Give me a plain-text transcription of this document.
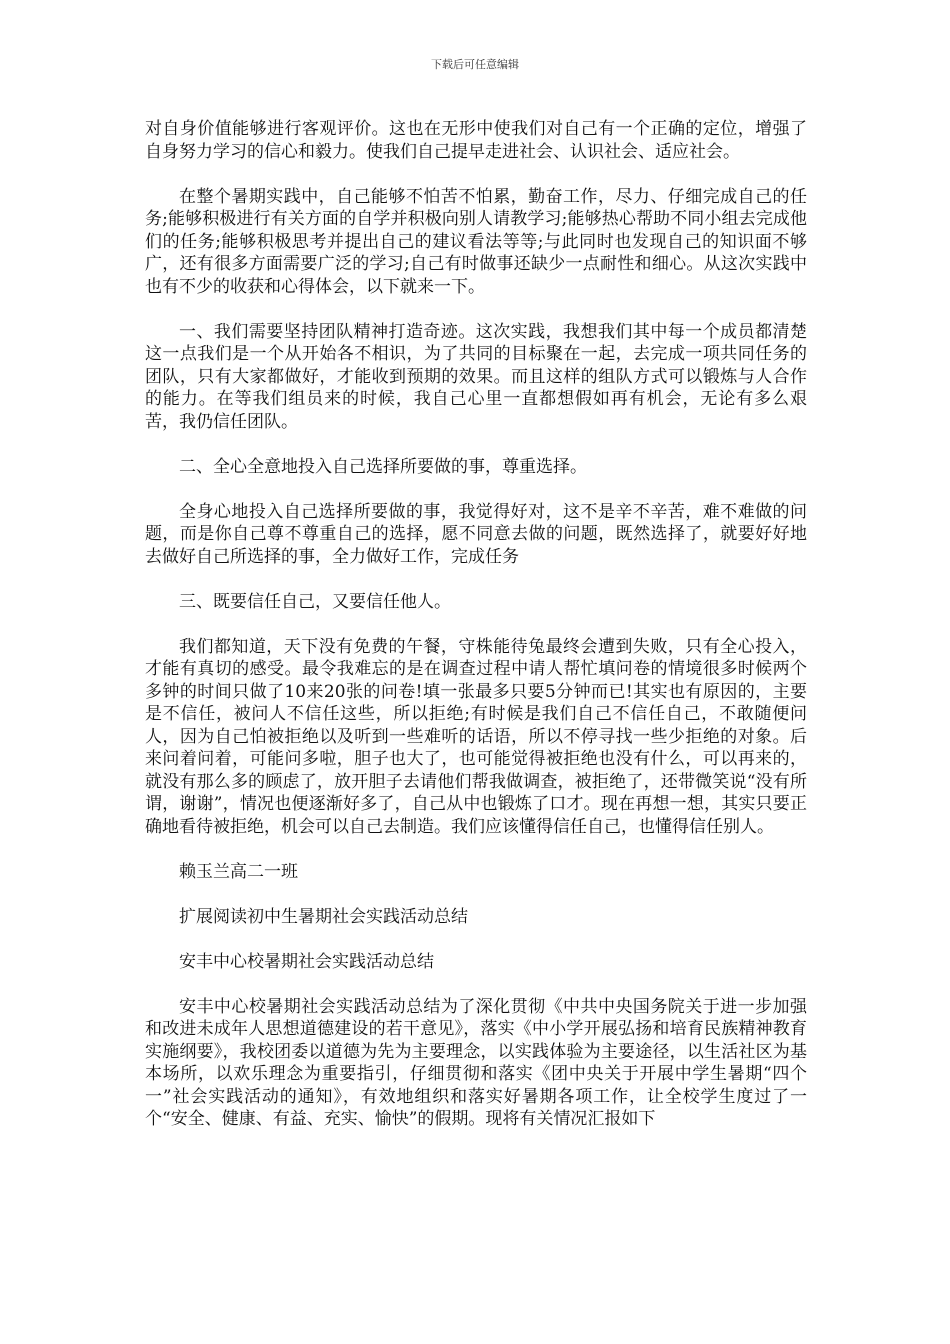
下载后可任意编辑

对自身价值能够进行客观评价。这也在无形中使我们对自己有一个正确的定位，增强了自身努力学习的信心和毅力。使我们自己提早走进社会、认识社会、适应社会。

在整个暑期实践中，自己能够不怕苦不怕累，勤奋工作，尽力、仔细完成自己的任务;能够积极进行有关方面的自学并积极向别人请教学习;能够热心帮助不同小组去完成他们的任务;能够积极思考并提出自己的建议看法等等;与此同时也发现自己的知识面不够广，还有很多方面需要广泛的学习;自己有时做事还缺少一点耐性和细心。从这次实践中也有不少的收获和心得体会，以下就来一下。

一、我们需要坚持团队精神打造奇迹。这次实践，我想我们其中每一个成员都清楚这一点我们是一个从开始各不相识，为了共同的目标聚在一起，去完成一项共同任务的团队，只有大家都做好，才能收到预期的效果。而且这样的组队方式可以锻炼与人合作的能力。在等我们组员来的时候，我自己心里一直都想假如再有机会，无论有多么艰苦，我仍信任团队。

二、全心全意地投入自己选择所要做的事，尊重选择。

全身心地投入自己选择所要做的事，我觉得好对，这不是辛不辛苦，难不难做的问题，而是你自己尊不尊重自己的选择，愿不同意去做的问题，既然选择了，就要好好地去做好自己所选择的事，全力做好工作，完成任务

三、既要信任自己，又要信任他人。

我们都知道，天下没有免费的午餐，守株能待兔最终会遭到失败，只有全心投入，才能有真切的感受。最令我难忘的是在调查过程中请人帮忙填问卷的情境很多时候两个多钟的时间只做了10来20张的问卷!填一张最多只要5分钟而已!其实也有原因的，主要是不信任，被问人不信任这些，所以拒绝;有时候是我们自己不信任自己，不敢随便问人，因为自己怕被拒绝以及听到一些难听的话语，所以不停寻找一些少拒绝的对象。后来问着问着，可能问多啦，胆子也大了，也可能觉得被拒绝也没有什么，可以再来的，就没有那么多的顾虑了，放开胆子去请他们帮我做调查，被拒绝了，还带微笑说“没有所谓，谢谢”，情况也便逐渐好多了，自己从中也锻炼了口才。现在再想一想，其实只要正确地看待被拒绝，机会可以自己去制造。我们应该懂得信任自己，也懂得信任别人。

赖玉兰高二一班

扩展阅读初中生暑期社会实践活动总结

安丰中心校暑期社会实践活动总结

安丰中心校暑期社会实践活动总结为了深化贯彻《中共中央国务院关于进一步加强和改进未成年人思想道德建设的若干意见》，落实《中小学开展弘扬和培育民族精神教育实施纲要》，我校团委以道德为先为主要理念，以实践体验为主要途径，以生活社区为基本场所，以欢乐理念为重要指引，仔细贯彻和落实《团中央关于开展中学生暑期“四个一”社会实践活动的通知》，有效地组织和落实好暑期各项工作，让全校学生度过了一个“安全、健康、有益、充实、愉快”的假期。现将有关情况汇报如下
